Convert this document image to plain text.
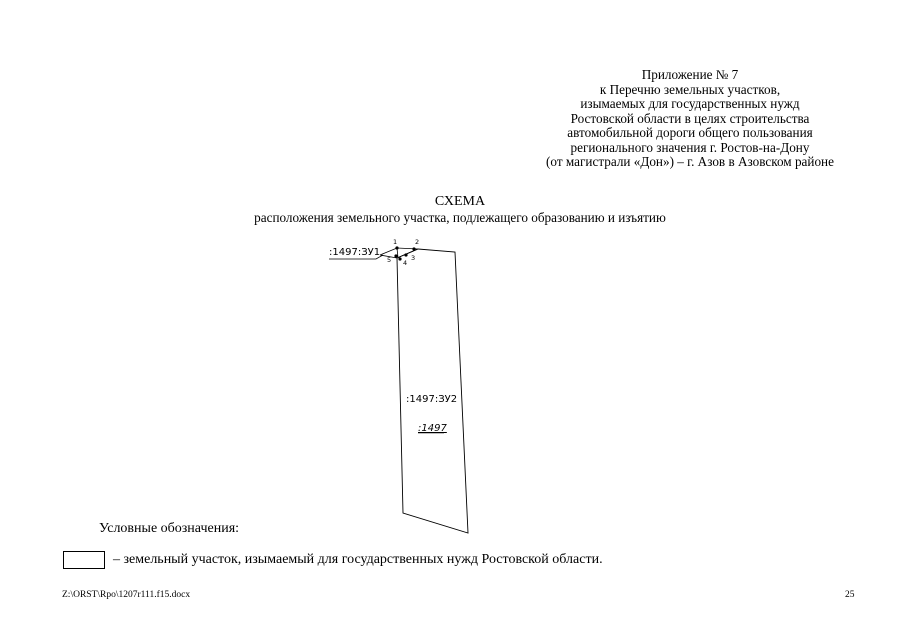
Приложение № 7
к Перечню земельных участков,
изымаемых для государственных нужд
Ростовской области в целях строительства
автомобильной дороги общего пользования
регионального значения г. Ростов-на-Дону
(от магистрали «Дон») – г. Азов в Азовском районе
СХЕМА
расположения земельного участка, подлежащего образованию и изъятию
1	2
3
4
5
:1497:ЗУ1
:1497:ЗУ2
:1497
Условные обозначения:
– земельный участок, изымаемый для государственных нужд Ростовской области.
Z:\ORST\Rpo\1207r111.f15.docx	25
